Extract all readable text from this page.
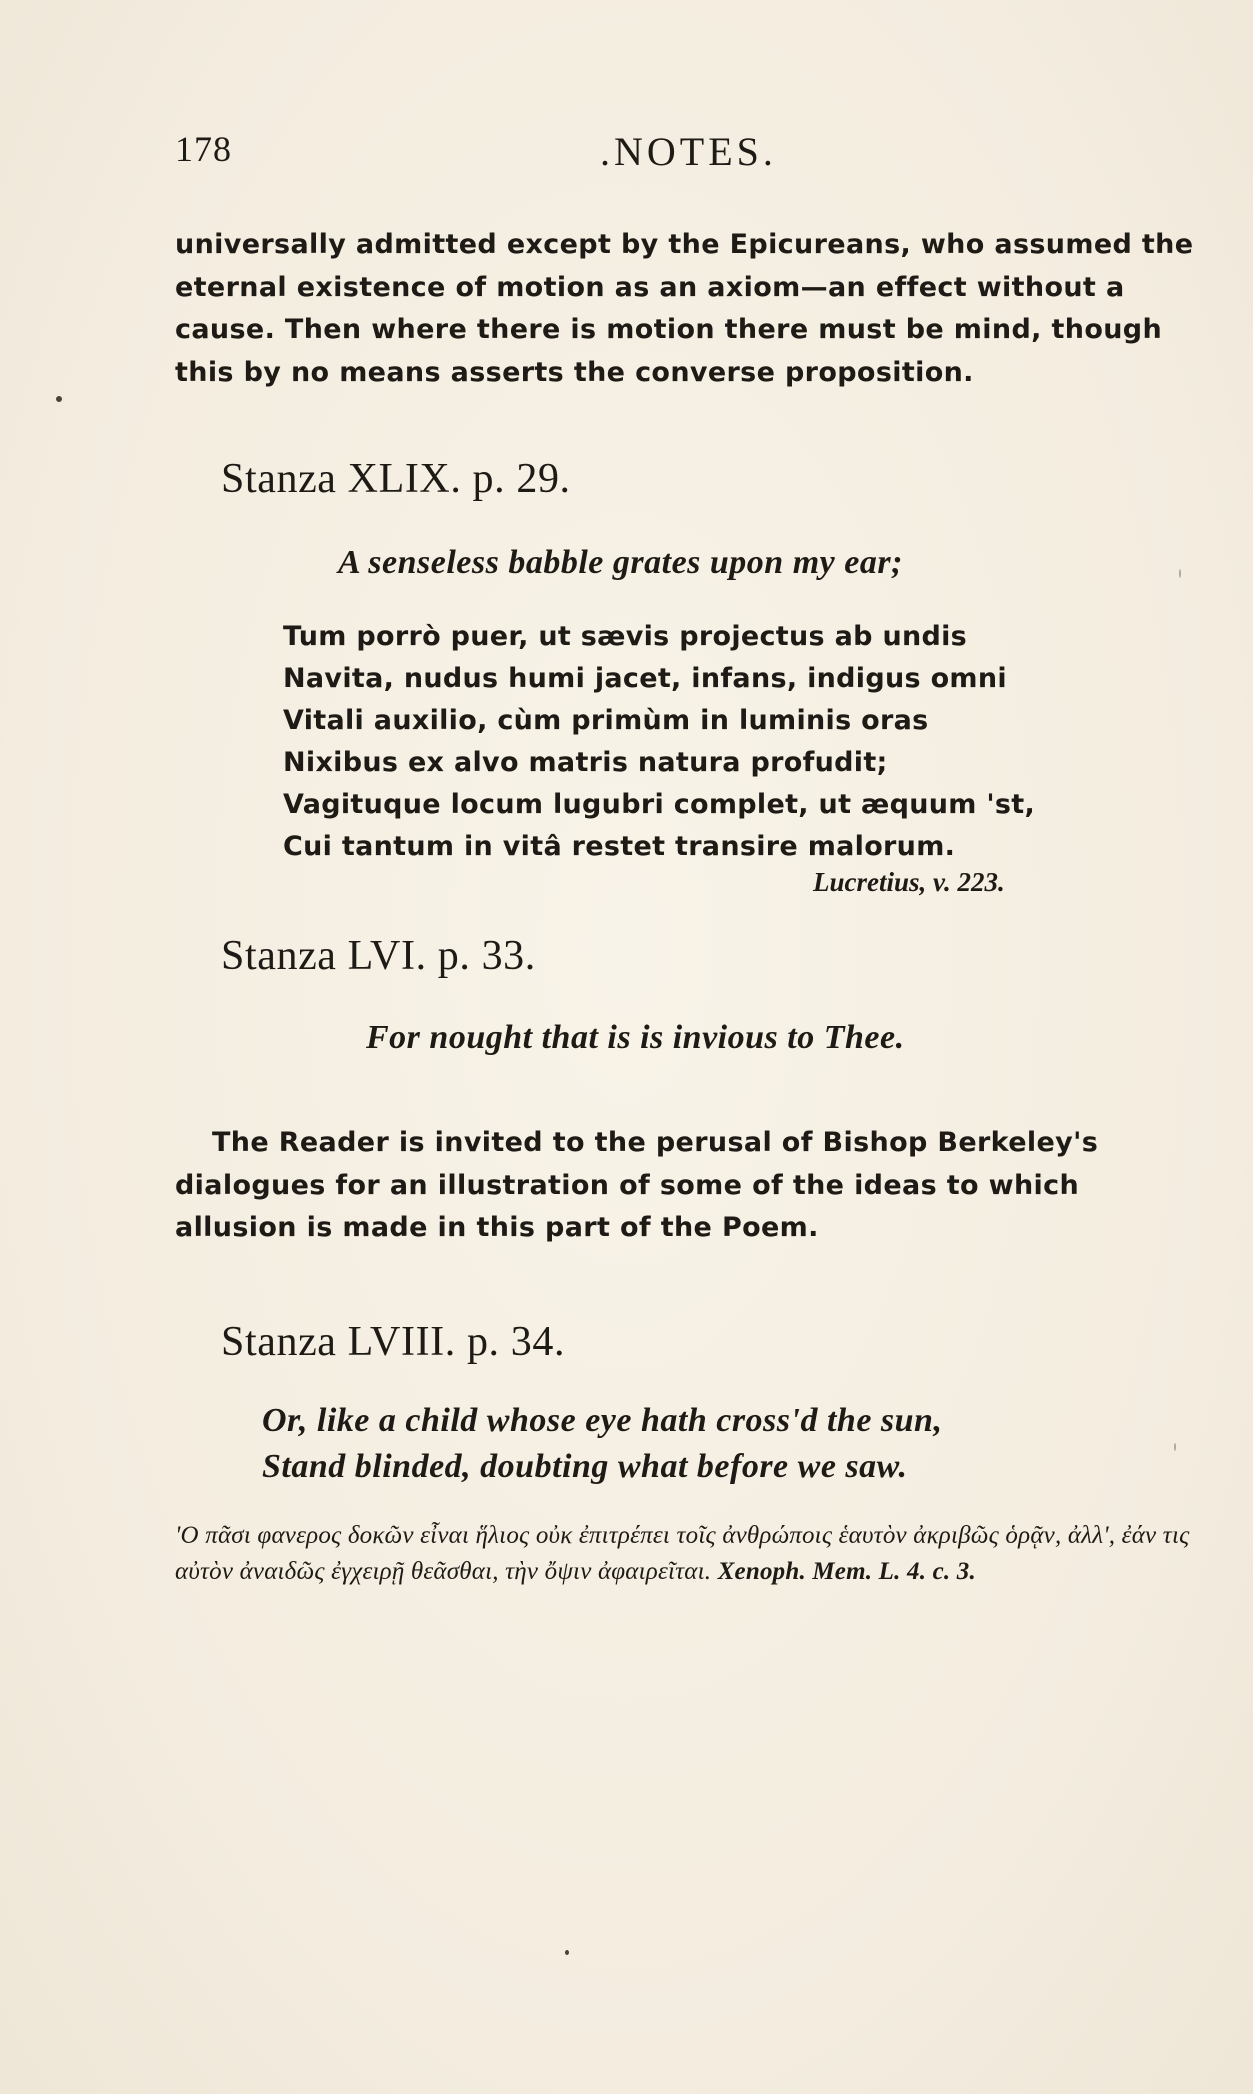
178	.NOTES.

universally admitted except by the Epicureans, who assumed the eternal existence of motion as an axiom—an effect without a cause. Then where there is motion there must be mind, though this by no means asserts the converse proposition.

Stanza XLIX. p. 29.

A senseless babble grates upon my ear;

Tum porrò puer, ut sævis projectus ab undis
Navita, nudus humi jacet, infans, indigus omni
Vitali auxilio, cùm primùm in luminis oras
Nixibus ex alvo matris natura profudit;
Vagituque locum lugubri complet, ut æquum 'st,
Cui tantum in vitâ restet transire malorum.
Lucretius, v. 223.
Stanza LVI. p. 33.

For nought that is is invious to Thee.

The Reader is invited to the perusal of Bishop Berkeley's dialogues for an illustration of some of the ideas to which allusion is made in this part of the Poem.

Stanza LVIII. p. 34.

Or, like a child whose eye hath cross'd the sun,

Stand blinded, doubting what before we saw.

'Ο πᾶσι φανερος δοκῶν εἶναι ἥλιος οὐκ ἐπιτρέπει τοῖς ἀνθρώποις ἑαυτὸν ἀκριβῶς ὁρᾷν, ἀλλ', ἐάν τις αὐτὸν ἀναιδῶς ἐγχειρῇ θεᾶσθαι, τὴν ὄψιν ἀφαιρεῖται. Xenoph. Mem. L. 4. c. 3.
